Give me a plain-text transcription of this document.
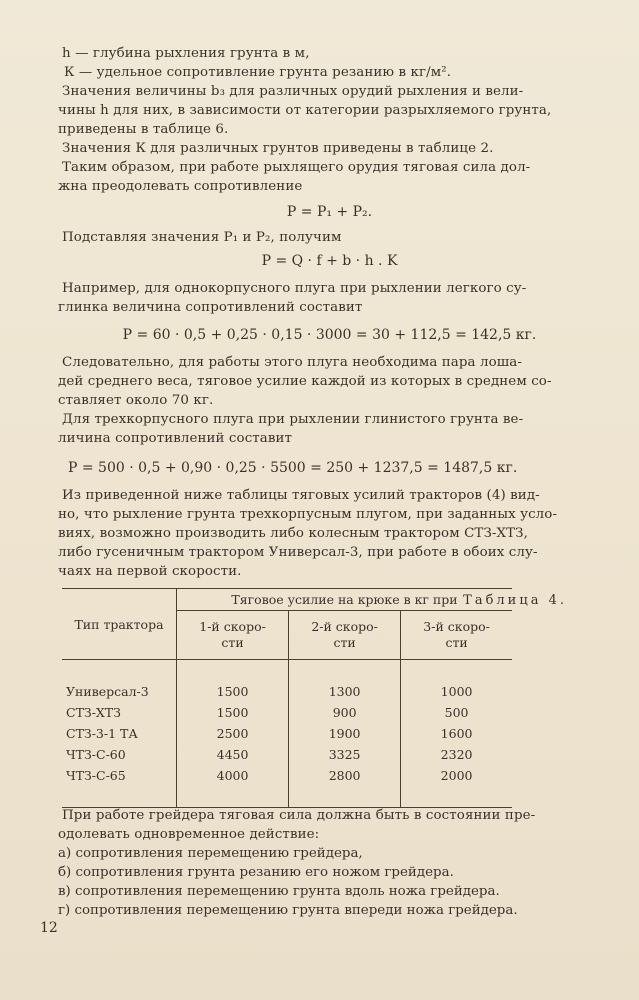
h — глубина рыхления грунта в м,

К — удельное сопротивление грунта резанию в кг/м².

Значения величины b₃ для различных орудий рыхления и вели-

чины h для них, в зависимости от категории разрыхляемого грунта,

приведены в таблице 6.

Значения К для различных грунтов приведены в таблице 2.

Таким образом, при работе рыхлящего орудия тяговая сила дол-

жна преодолевать сопротивление

P = P₁ + P₂.

Подставляя значения P₁ и P₂, получим

P = Q · f + b · h . K

Например, для однокорпусного плуга при рыхлении легкого су-

глинка величина сопротивлений составит

P = 60 · 0,5 + 0,25 · 0,15 · 3000 = 30 + 112,5 = 142,5 кг.

Следовательно, для работы этого плуга необходима пара лоша-

дей среднего веса, тяговое усилие каждой из которых в среднем со-

ставляет около 70 кг.

Для трехкорпусного плуга при рыхлении глинистого грунта ве-

личина сопротивлений составит

P = 500 · 0,5 + 0,90 · 0,25 · 5500 = 250 + 1237,5 = 1487,5 кг.

Из приведенной ниже таблицы тяговых усилий тракторов (4) вид-

но, что рыхление грунта трехкорпусным плугом, при заданных усло-

виях, возможно производить либо колесным трактором СТЗ-ХТЗ,

либо гусеничным трактором Универсал-3, при работе в обоих слу-

чаях на первой скорости.

Таблица 4.
Тип трактора	Тяговое усилие на крюке в кг при		
	1-й скоро-
сти	2-й скоро-
сти	3-й скоро-
сти

Универсал-3	1500	1300	1000
СТЗ-ХТЗ	1500	900	500
СТЗ-3-1 ТА	2500	1900	1600
ЧТЗ-С-60	4450	3325	2320
ЧТЗ-С-65	4000	2800	2000

При работе грейдера тяговая сила должна быть в состоянии пре-

одолевать одновременное действие:

а) сопротивления перемещению грейдера,

б) сопротивления грунта резанию его ножом грейдера.

в) сопротивления перемещению грунта вдоль ножа грейдера.

г) сопротивления перемещению грунта впереди ножа грейдера.

12
